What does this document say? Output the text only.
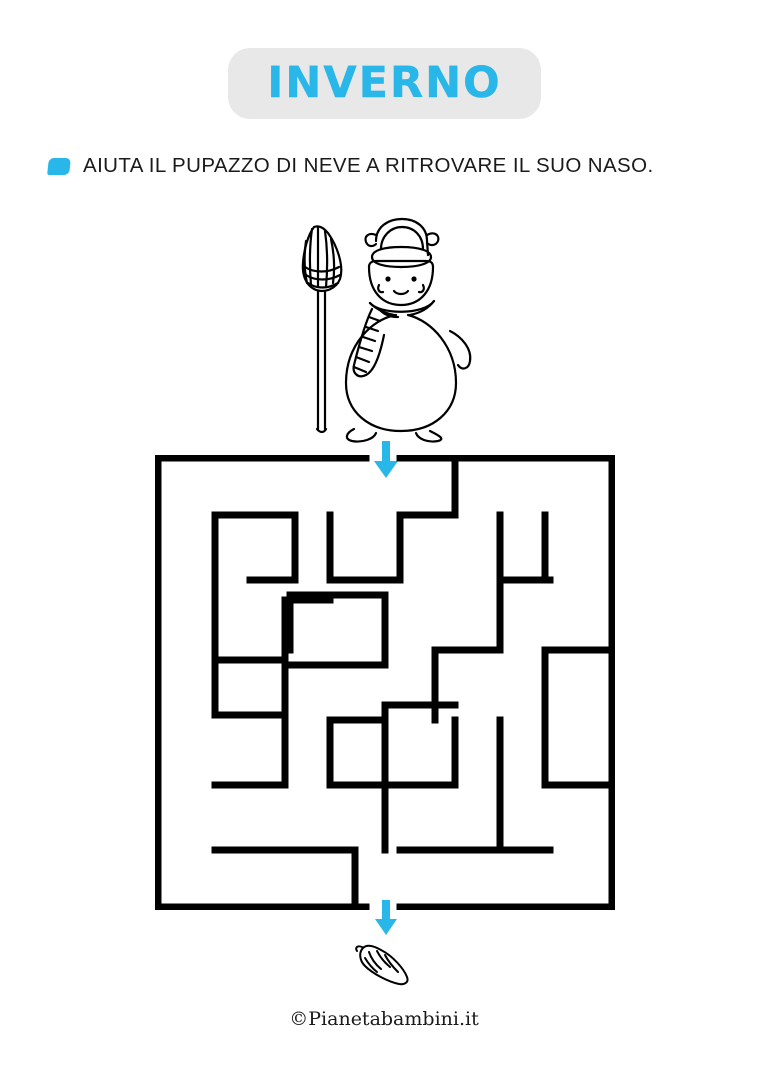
INVERNO
AIUTA IL PUPAZZO DI NEVE A RITROVARE IL SUO NASO.
©Pianetabambini.it
